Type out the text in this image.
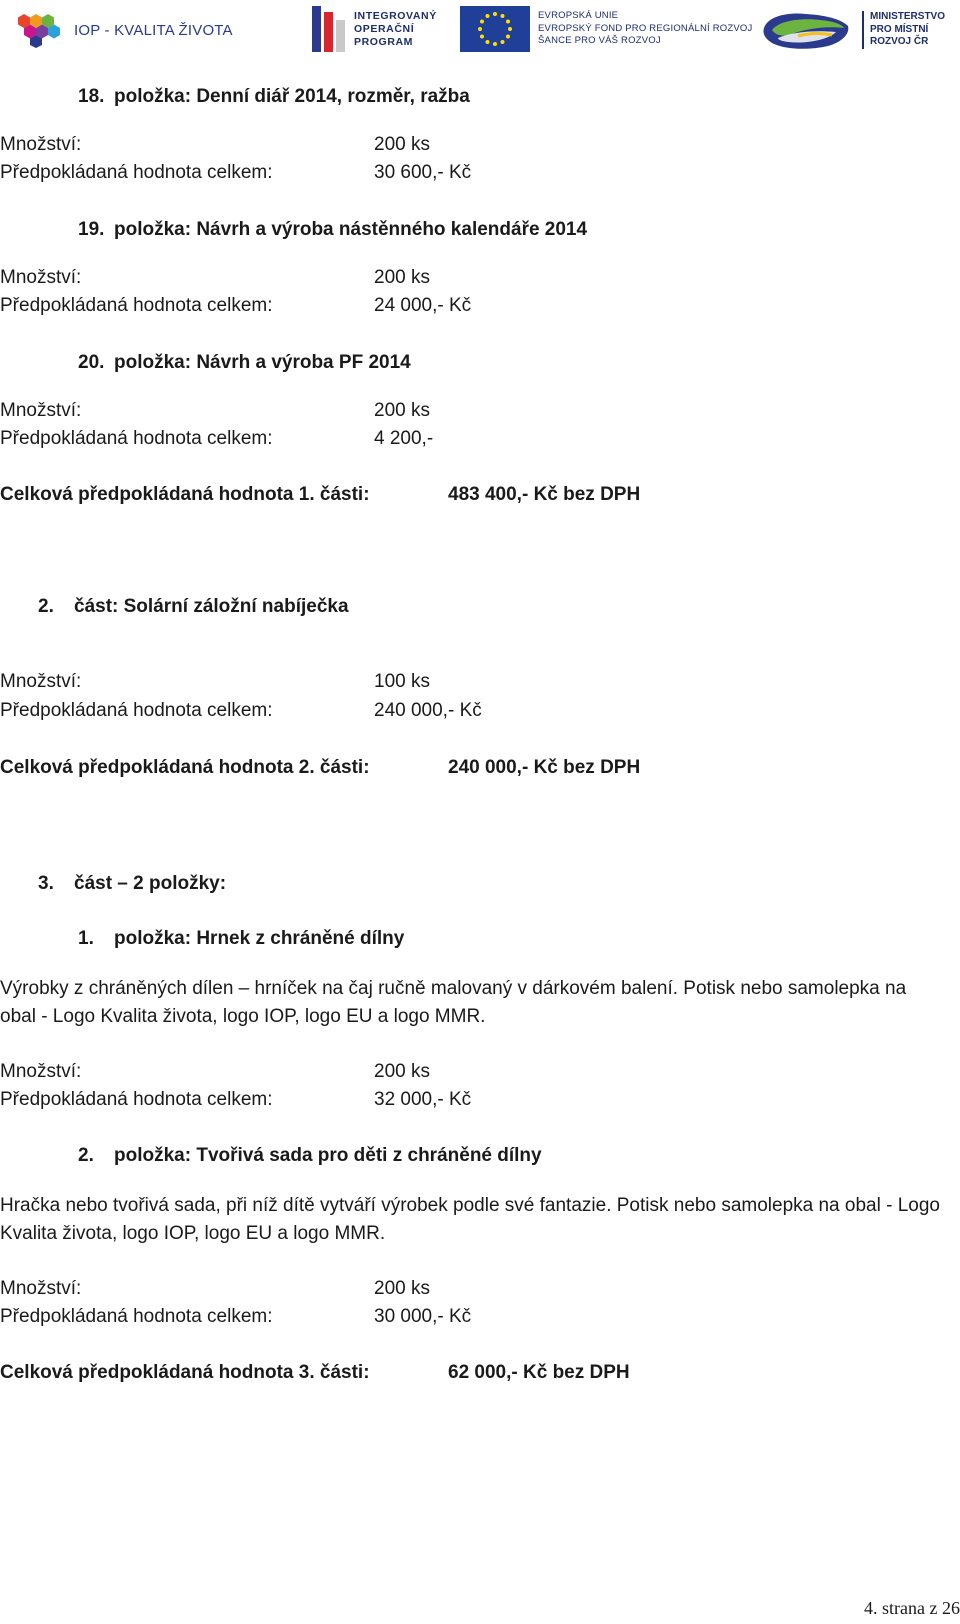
IOP - KVALITA ŽIVOTA
INTEGROVANÝ
OPERAČNÍ
PROGRAM
EVROPSKÁ UNIE
EVROPSKÝ FOND PRO REGIONÁLNÍ ROZVOJ
ŠANCE PRO VÁŠ ROZVOJ
MINISTERSTVO
PRO MÍSTNÍ
ROZVOJ ČR
18. položka: Denní diář 2014, rozměr, ražba
Množství:	200 ks
Předpokládaná hodnota celkem:	30 600,- Kč
19. položka: Návrh a výroba nástěnného kalendáře 2014
Množství:	200 ks
Předpokládaná hodnota celkem:	24 000,- Kč
20. položka: Návrh a výroba PF 2014
Množství:	200 ks
Předpokládaná hodnota celkem:	4 200,-
Celková předpokládaná hodnota 1. části:	483 400,- Kč bez DPH
2. část: Solární záložní nabíječka
Množství:	100 ks
Předpokládaná hodnota celkem:	240 000,- Kč
Celková předpokládaná hodnota 2. části:	240 000,- Kč bez DPH
3. část – 2 položky:
1. položka: Hrnek z chráněné dílny
Výrobky z chráněných dílen – hrníček na čaj ručně malovaný v dárkovém balení. Potisk nebo samolepka na obal - Logo Kvalita života, logo IOP, logo EU a logo MMR.
Množství:	200 ks
Předpokládaná hodnota celkem:	32 000,- Kč
2. položka: Tvořivá sada pro děti z chráněné dílny
Hračka nebo tvořivá sada, při níž dítě vytváří výrobek podle své fantazie. Potisk nebo samolepka na obal - Logo Kvalita života, logo IOP, logo EU a logo MMR.
Množství:	200 ks
Předpokládaná hodnota celkem:	30 000,- Kč
Celková předpokládaná hodnota 3. části:	62 000,- Kč bez DPH
4. strana z 26
